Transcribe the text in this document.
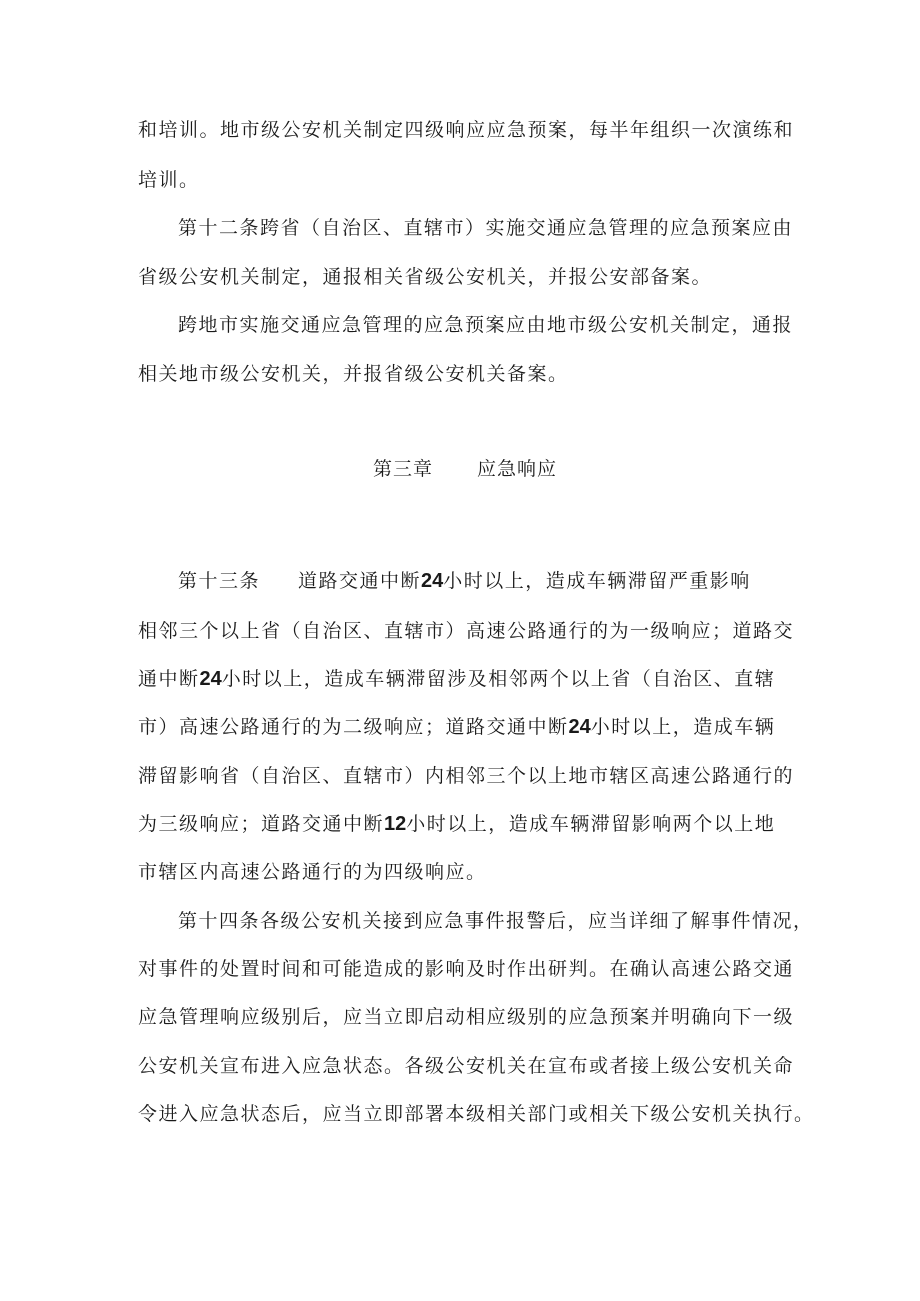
和培训。地市级公安机关制定四级响应应急预案，每半年组织一次演练和
培训。
第十二条跨省（自治区、直辖市）实施交通应急管理的应急预案应由
省级公安机关制定，通报相关省级公安机关，并报公安部备案。
跨地市实施交通应急管理的应急预案应由地市级公安机关制定，通报
相关地市级公安机关，并报省级公安机关备案。
第三章 应急响应
第十三条 道路交通中断24小时以上，造成车辆滞留严重影响
相邻三个以上省（自治区、直辖市）高速公路通行的为一级响应；道路交
通中断24小时以上，造成车辆滞留涉及相邻两个以上省（自治区、直辖
市）高速公路通行的为二级响应；道路交通中断24小时以上，造成车辆
滞留影响省（自治区、直辖市）内相邻三个以上地市辖区高速公路通行的
为三级响应；道路交通中断12小时以上，造成车辆滞留影响两个以上地
市辖区内高速公路通行的为四级响应。
第十四条各级公安机关接到应急事件报警后，应当详细了解事件情况，
对事件的处置时间和可能造成的影响及时作出研判。在确认高速公路交通
应急管理响应级别后，应当立即启动相应级别的应急预案并明确向下一级
公安机关宣布进入应急状态。各级公安机关在宣布或者接上级公安机关命
令进入应急状态后，应当立即部署本级相关部门或相关下级公安机关执行。
